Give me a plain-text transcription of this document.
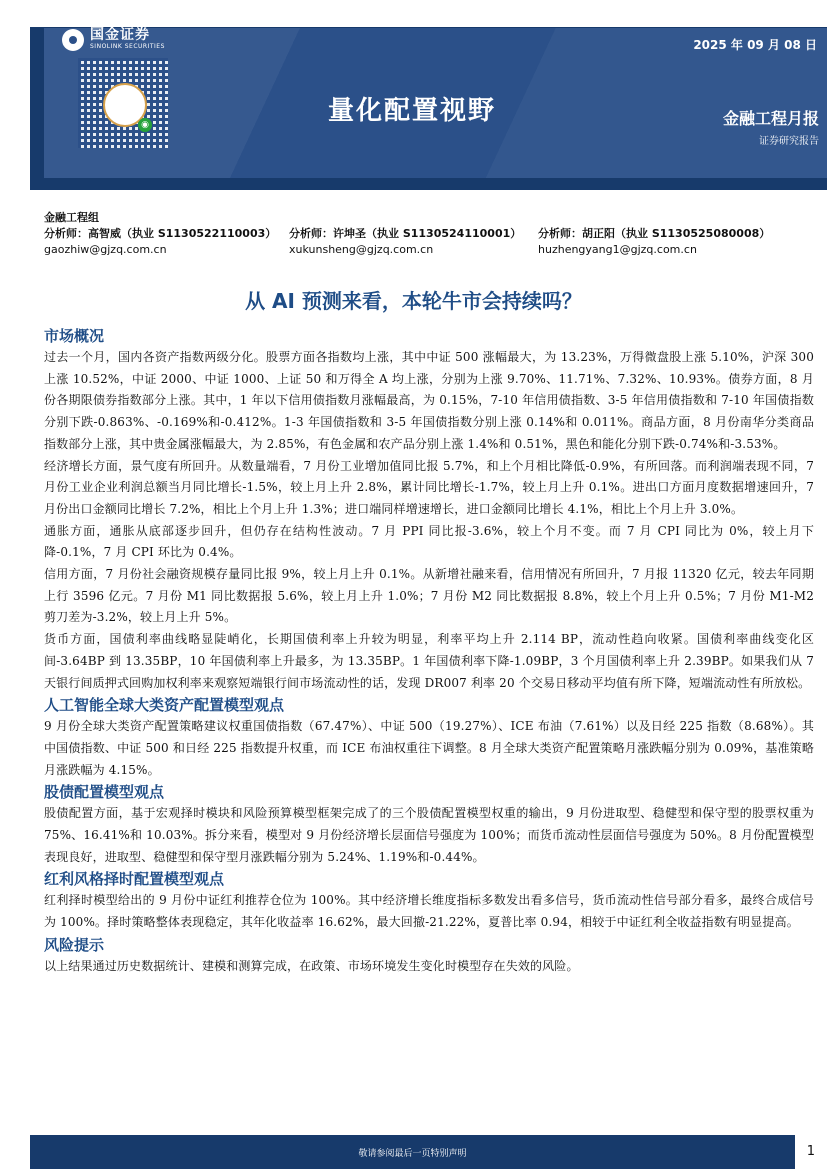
国金证券
SINOLINK SECURITIES	2025 年 09 月 08 日
◉	量化配置视野	金融工程月报
证券研究报告
金融工程组
分析师：高智威（执业 S1130522110003）	分析师：许坤圣（执业 S1130524110001）	分析师：胡正阳（执业 S1130525080008）
gaozhiw@gjzq.com.cn	xukunsheng@gjzq.com.cn	huzhengyang1@gjzq.com.cn
从 AI 预测来看，本轮牛市会持续吗？
市场概况

过去一个月，国内各资产指数两级分化。股票方面各指数均上涨，其中中证 500 涨幅最大，为 13.23%，万得微盘股上涨 5.10%，沪深 300 上涨 10.52%，中证 2000、中证 1000、上证 50 和万得全 A 均上涨，分别为上涨 9.70%、11.71%、7.32%、10.93%。债券方面，8 月份各期限债券指数部分上涨。其中，1 年以下信用债指数月涨幅最高，为 0.15%，7-10 年信用债指数、3-5 年信用债指数和 7-10 年国债指数分别下跌-0.863%、-0.169%和-0.412%。1-3 年国债指数和 3-5 年国债指数分别上涨 0.14%和 0.011%。商品方面，8 月份南华分类商品指数部分上涨，其中贵金属涨幅最大，为 2.85%，有色金属和农产品分别上涨 1.4%和 0.51%，黑色和能化分别下跌-0.74%和-3.53%。

经济增长方面，景气度有所回升。从数量端看，7 月份工业增加值同比报 5.7%，和上个月相比降低-0.9%，有所回落。而利润端表现不同，7 月份工业企业利润总额当月同比增长-1.5%，较上月上升 2.8%，累计同比增长-1.7%，较上月上升 0.1%。进出口方面月度数据增速回升，7 月份出口金额同比增长 7.2%，相比上个月上升 1.3%；进口端同样增速增长，进口金额同比增长 4.1%，相比上个月上升 3.0%。

通胀方面，通胀从底部逐步回升，但仍存在结构性波动。7 月 PPI 同比报-3.6%，较上个月不变。而 7 月 CPI 同比为 0%，较上月下降-0.1%，7 月 CPI 环比为 0.4%。

信用方面，7 月份社会融资规模存量同比报 9%，较上月上升 0.1%。从新增社融来看，信用情况有所回升，7 月报 11320 亿元，较去年同期上行 3596 亿元。7 月份 M1 同比数据报 5.6%，较上月上升 1.0%；7 月份 M2 同比数据报 8.8%，较上个月上升 0.5%；7 月份 M1-M2 剪刀差为-3.2%，较上月上升 5%。

货币方面，国债利率曲线略显陡峭化，长期国债利率上升较为明显，利率平均上升 2.114 BP，流动性趋向收紧。国债利率曲线变化区间-3.64BP 到 13.35BP，10 年国债利率上升最多，为 13.35BP。1 年国债利率下降-1.09BP，3 个月国债利率上升 2.39BP。如果我们从 7 天银行间质押式回购加权利率来观察短端银行间市场流动性的话，发现 DR007 利率 20 个交易日移动平均值有所下降，短端流动性有所放松。

人工智能全球大类资产配置模型观点

9 月份全球大类资产配置策略建议权重国债指数（67.47%）、中证 500（19.27%）、ICE 布油（7.61%）以及日经 225 指数（8.68%）。其中国债指数、中证 500 和日经 225 指数提升权重，而 ICE 布油权重往下调整。8 月全球大类资产配置策略月涨跌幅分别为 0.09%，基准策略月涨跌幅为 4.15%。

股债配置模型观点

股债配置方面，基于宏观择时模块和风险预算模型框架完成了的三个股债配置模型权重的输出，9 月份进取型、稳健型和保守型的股票权重为 75%、16.41%和 10.03%。拆分来看，模型对 9 月份经济增长层面信号强度为 100%；而货币流动性层面信号强度为 50%。8 月份配置模型表现良好，进取型、稳健型和保守型月涨跌幅分别为 5.24%、1.19%和-0.44%。

红利风格择时配置模型观点

红利择时模型给出的 9 月份中证红利推荐仓位为 100%。其中经济增长维度指标多数发出看多信号，货币流动性信号部分看多，最终合成信号为 100%。择时策略整体表现稳定，其年化收益率 16.62%，最大回撤-21.22%，夏普比率 0.94，相较于中证红利全收益指数有明显提高。

风险提示

以上结果通过历史数据统计、建模和测算完成，在政策、市场环境发生变化时模型存在失效的风险。

敬请参阅最后一页特别声明	1
